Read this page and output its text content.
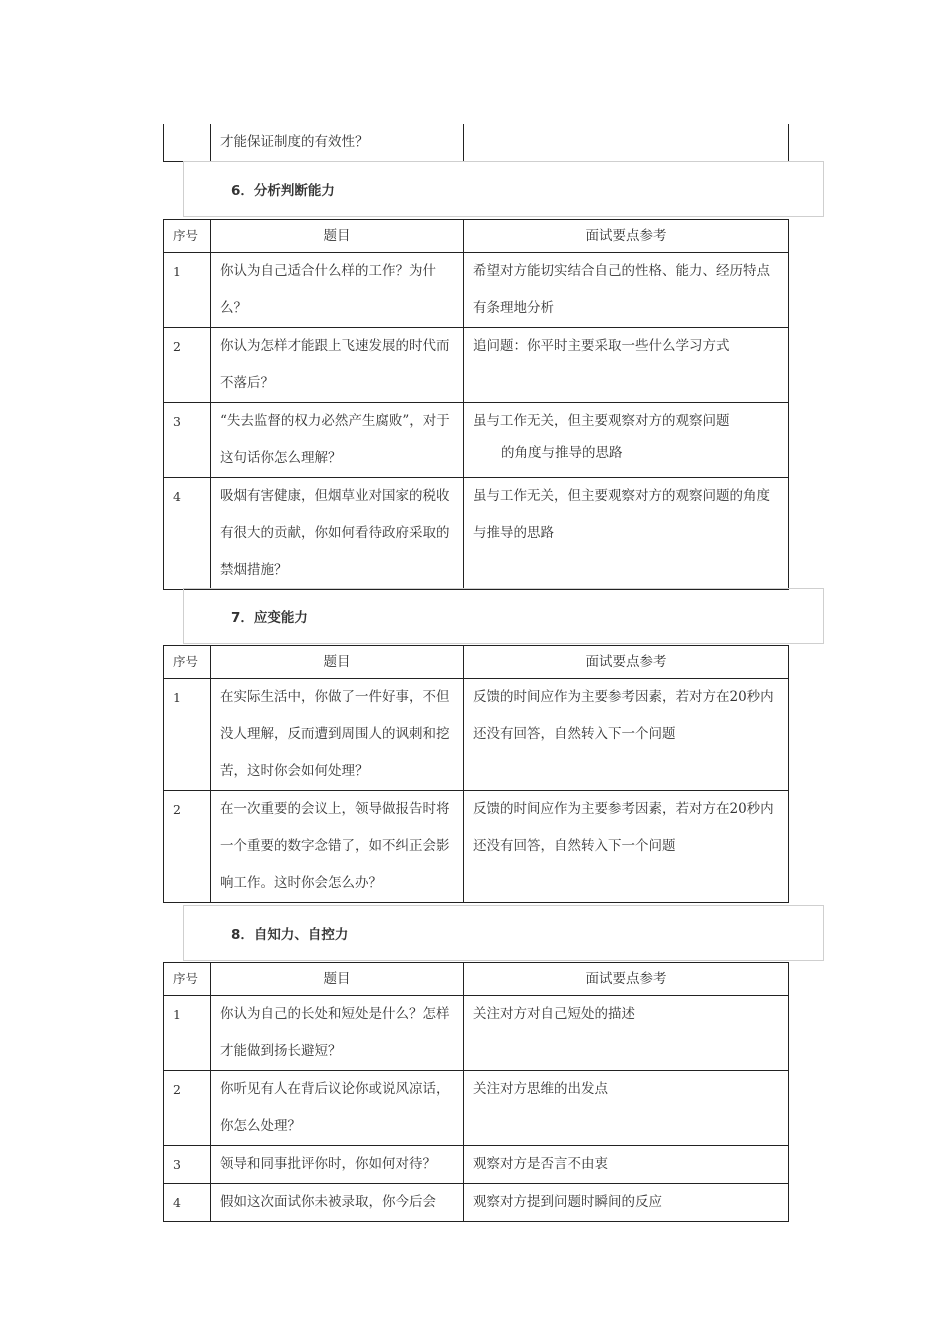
	才能保证制度的有效性？	
6．分析判断能力
序号	题目	面试要点参考
1	你认为自己适合什么样的工作？为什么？	希望对方能切实结合自己的性格、能力、经历特点有条理地分析
2	你认为怎样才能跟上飞速发展的时代而不落后？	追问题：你平时主要采取一些什么学习方式
3	“失去监督的权力必然产生腐败”，对于这句话你怎么理解？	虽与工作无关，但主要观察对方的观察问题
的角度与推导的思路
4	吸烟有害健康，但烟草业对国家的税收有很大的贡献，你如何看待政府采取的禁烟措施？	虽与工作无关，但主要观察对方的观察问题的角度与推导的思路
7．应变能力
序号	题目	面试要点参考
1	在实际生活中，你做了一件好事，不但没人理解，反而遭到周围人的讽刺和挖苦，这时你会如何处理？	反馈的时间应作为主要参考因素，若对方在20秒内还没有回答，自然转入下一个问题
2	在一次重要的会议上，领导做报告时将一个重要的数字念错了，如不纠正会影响工作。这时你会怎么办？	反馈的时间应作为主要参考因素，若对方在20秒内还没有回答，自然转入下一个问题
8．自知力、自控力
序号	题目	面试要点参考
1	你认为自己的长处和短处是什么？怎样才能做到扬长避短？	关注对方对自己短处的描述
2	你听见有人在背后议论你或说风凉话，你怎么处理？	关注对方思维的出发点
3	领导和同事批评你时，你如何对待？	观察对方是否言不由衷
4	假如这次面试你未被录取，你今后会	观察对方提到问题时瞬间的反应
